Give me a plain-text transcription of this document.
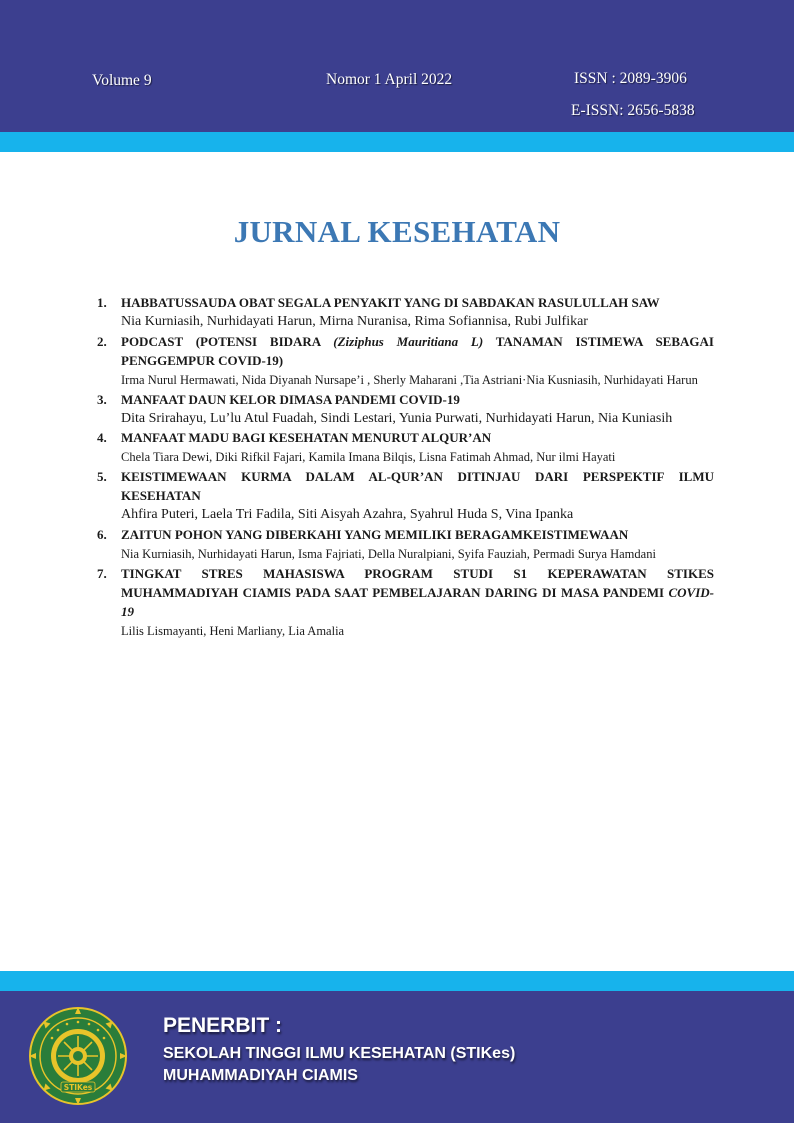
Volume 9	Nomor 1 April 2022	ISSN : 2089-3906
E-ISSN: 2656-5838
JURNAL KESEHATAN
1. HABBATUSSAUDA OBAT SEGALA PENYAKIT YANG DI SABDAKAN RASULULLAH SAW
Nia Kurniasih, Nurhidayati Harun, Mirna Nuranisa, Rima Sofiannisa, Rubi Julfikar
2. PODCAST (POTENSI BIDARA (Ziziphus Mauritiana L) TANAMAN ISTIMEWA SEBAGAI PENGGEMPUR COVID-19)
Irma Nurul Hermawati, Nida Diyanah Nursape’i , Sherly Maharani ,Tia Astriani·Nia Kusniasih, Nurhidayati Harun
3. MANFAAT DAUN KELOR DIMASA PANDEMI COVID-19
Dita Srirahayu, Lu’lu Atul Fuadah, Sindi Lestari, Yunia Purwati, Nurhidayati Harun, Nia Kuniasih
4. MANFAAT MADU BAGI KESEHATAN MENURUT ALQUR’AN
Chela Tiara Dewi, Diki Rifkil Fajari, Kamila Imana Bilqis, Lisna Fatimah Ahmad, Nur ilmi Hayati
5. KEISTIMEWAAN KURMA DALAM AL-QUR’AN DITINJAU DARI PERSPEKTIF ILMU KESEHATAN
Ahfira Puteri, Laela Tri Fadila, Siti Aisyah Azahra, Syahrul Huda S, Vina Ipanka
6. ZAITUN POHON YANG DIBERKAHI YANG MEMILIKI BERAGAMKEISTIMEWAAN
Nia Kurniasih, Nurhidayati Harun, Isma Fajriati, Della Nuralpiani, Syifa Fauziah, Permadi Surya Hamdani
7. TINGKAT STRES MAHASISWA PROGRAM STUDI S1 KEPERAWATAN STIKES MUHAMMADIYAH CIAMIS PADA SAAT PEMBELAJARAN DARING DI MASA PANDEMI COVID-19
Lilis Lismayanti, Heni Marliany, Lia Amalia
STIKes
PENERBIT :
SEKOLAH TINGGI ILMU KESEHATAN (STIKes)
MUHAMMADIYAH CIAMIS
